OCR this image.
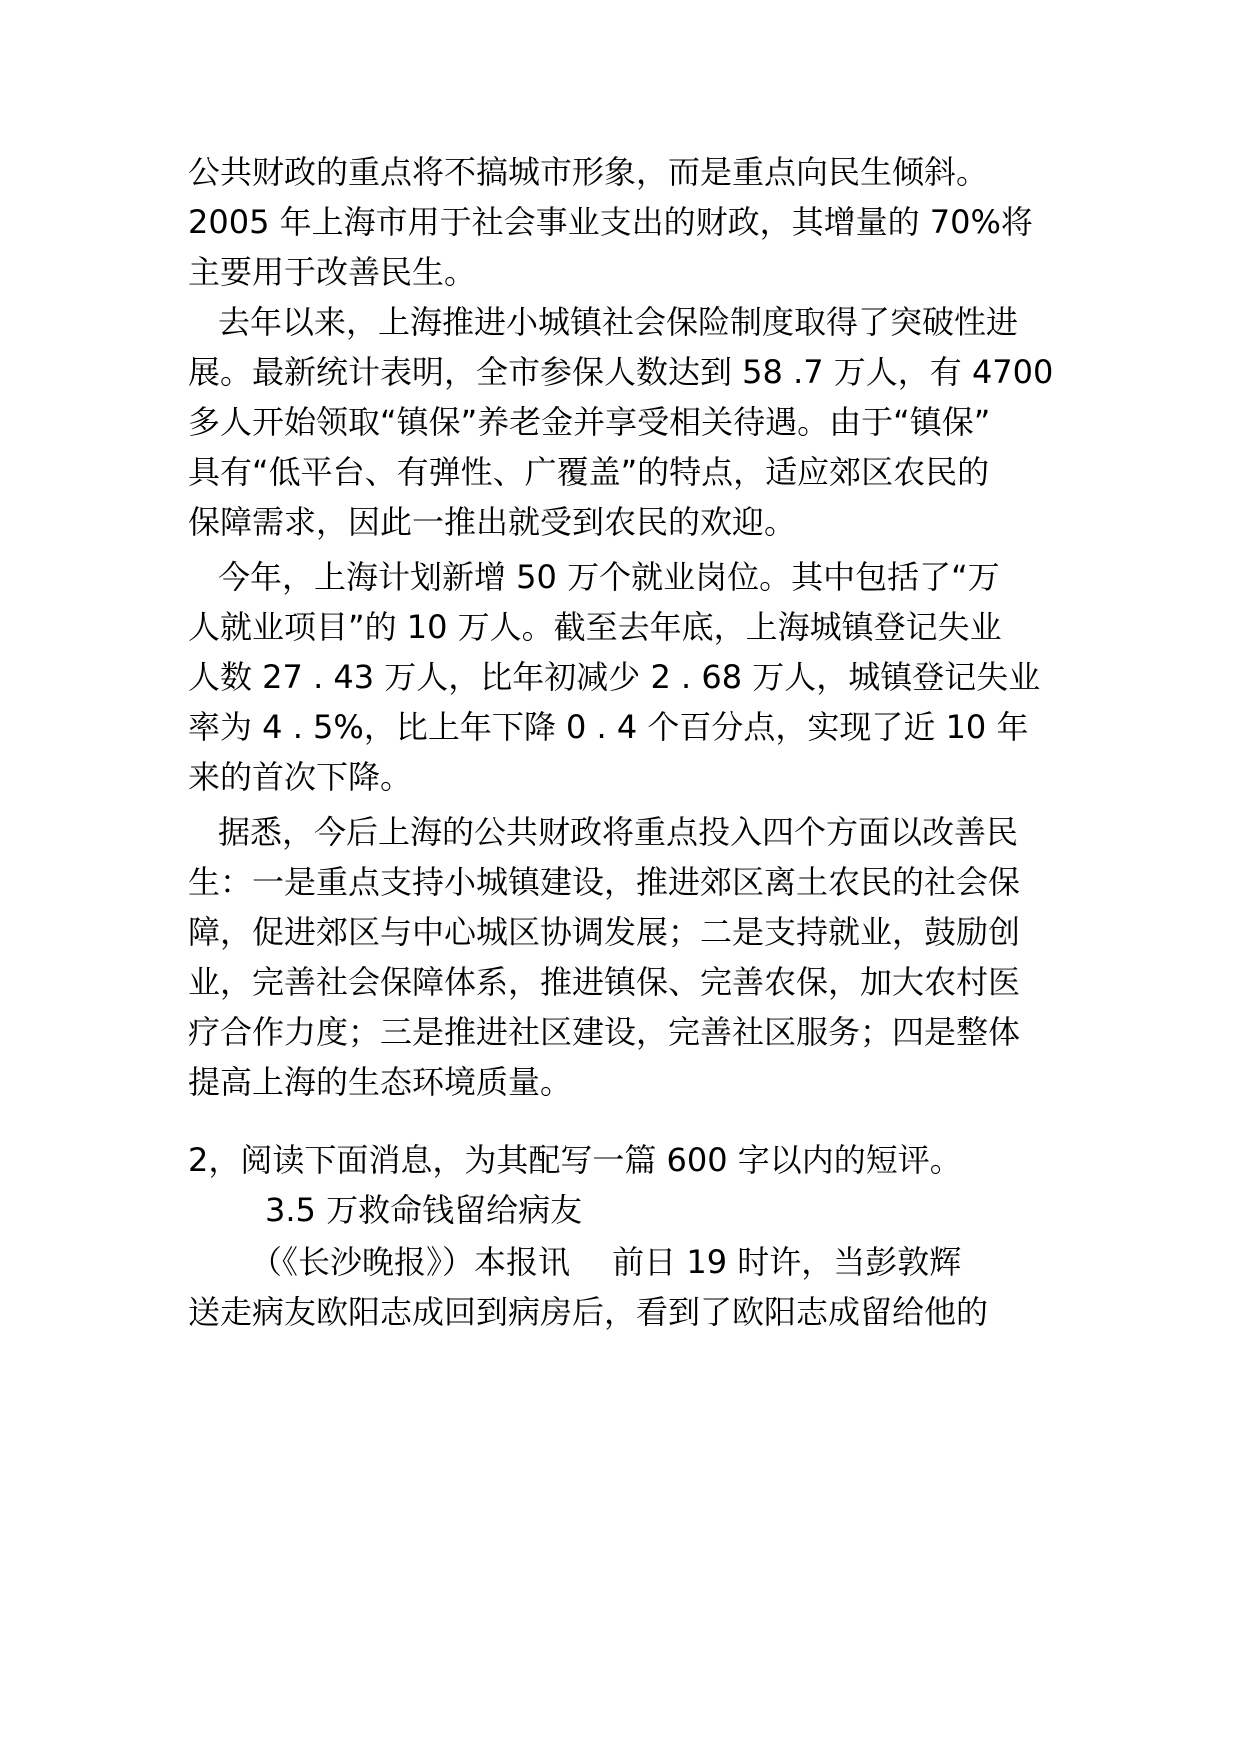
公共财政的重点将不搞城市形象，而是重点向民生倾斜。
2005 年上海市用于社会事业支出的财政，其增量的 70%将
主要用于改善民生。
去年以来，上海推进小城镇社会保险制度取得了突破性进
展。最新统计表明，全市参保人数达到 58 .7 万人，有 4700
多人开始领取“镇保”养老金并享受相关待遇。由于“镇保”
具有“低平台、有弹性、广覆盖”的特点，适应郊区农民的
保障需求，因此一推出就受到农民的欢迎。
今年，上海计划新增 50 万个就业岗位。其中包括了“万
人就业项目”的 10 万人。截至去年底，上海城镇登记失业
人数 27 . 43 万人，比年初减少 2 . 68 万人，城镇登记失业
率为 4 . 5%，比上年下降 0 . 4 个百分点，实现了近 10 年
来的首次下降。
据悉，今后上海的公共财政将重点投入四个方面以改善民
生：一是重点支持小城镇建设，推进郊区离土农民的社会保
障，促进郊区与中心城区协调发展；二是支持就业，鼓励创
业，完善社会保障体系，推进镇保、完善农保，加大农村医
疗合作力度；三是推进社区建设，完善社区服务；四是整体
提高上海的生态环境质量。
2，阅读下面消息，为其配写一篇 600 字以内的短评。
3.5 万救命钱留给病友
（《长沙晚报》）本报讯　 前日 19 时许，当彭敦辉
送走病友欧阳志成回到病房后，看到了欧阳志成留给他的
